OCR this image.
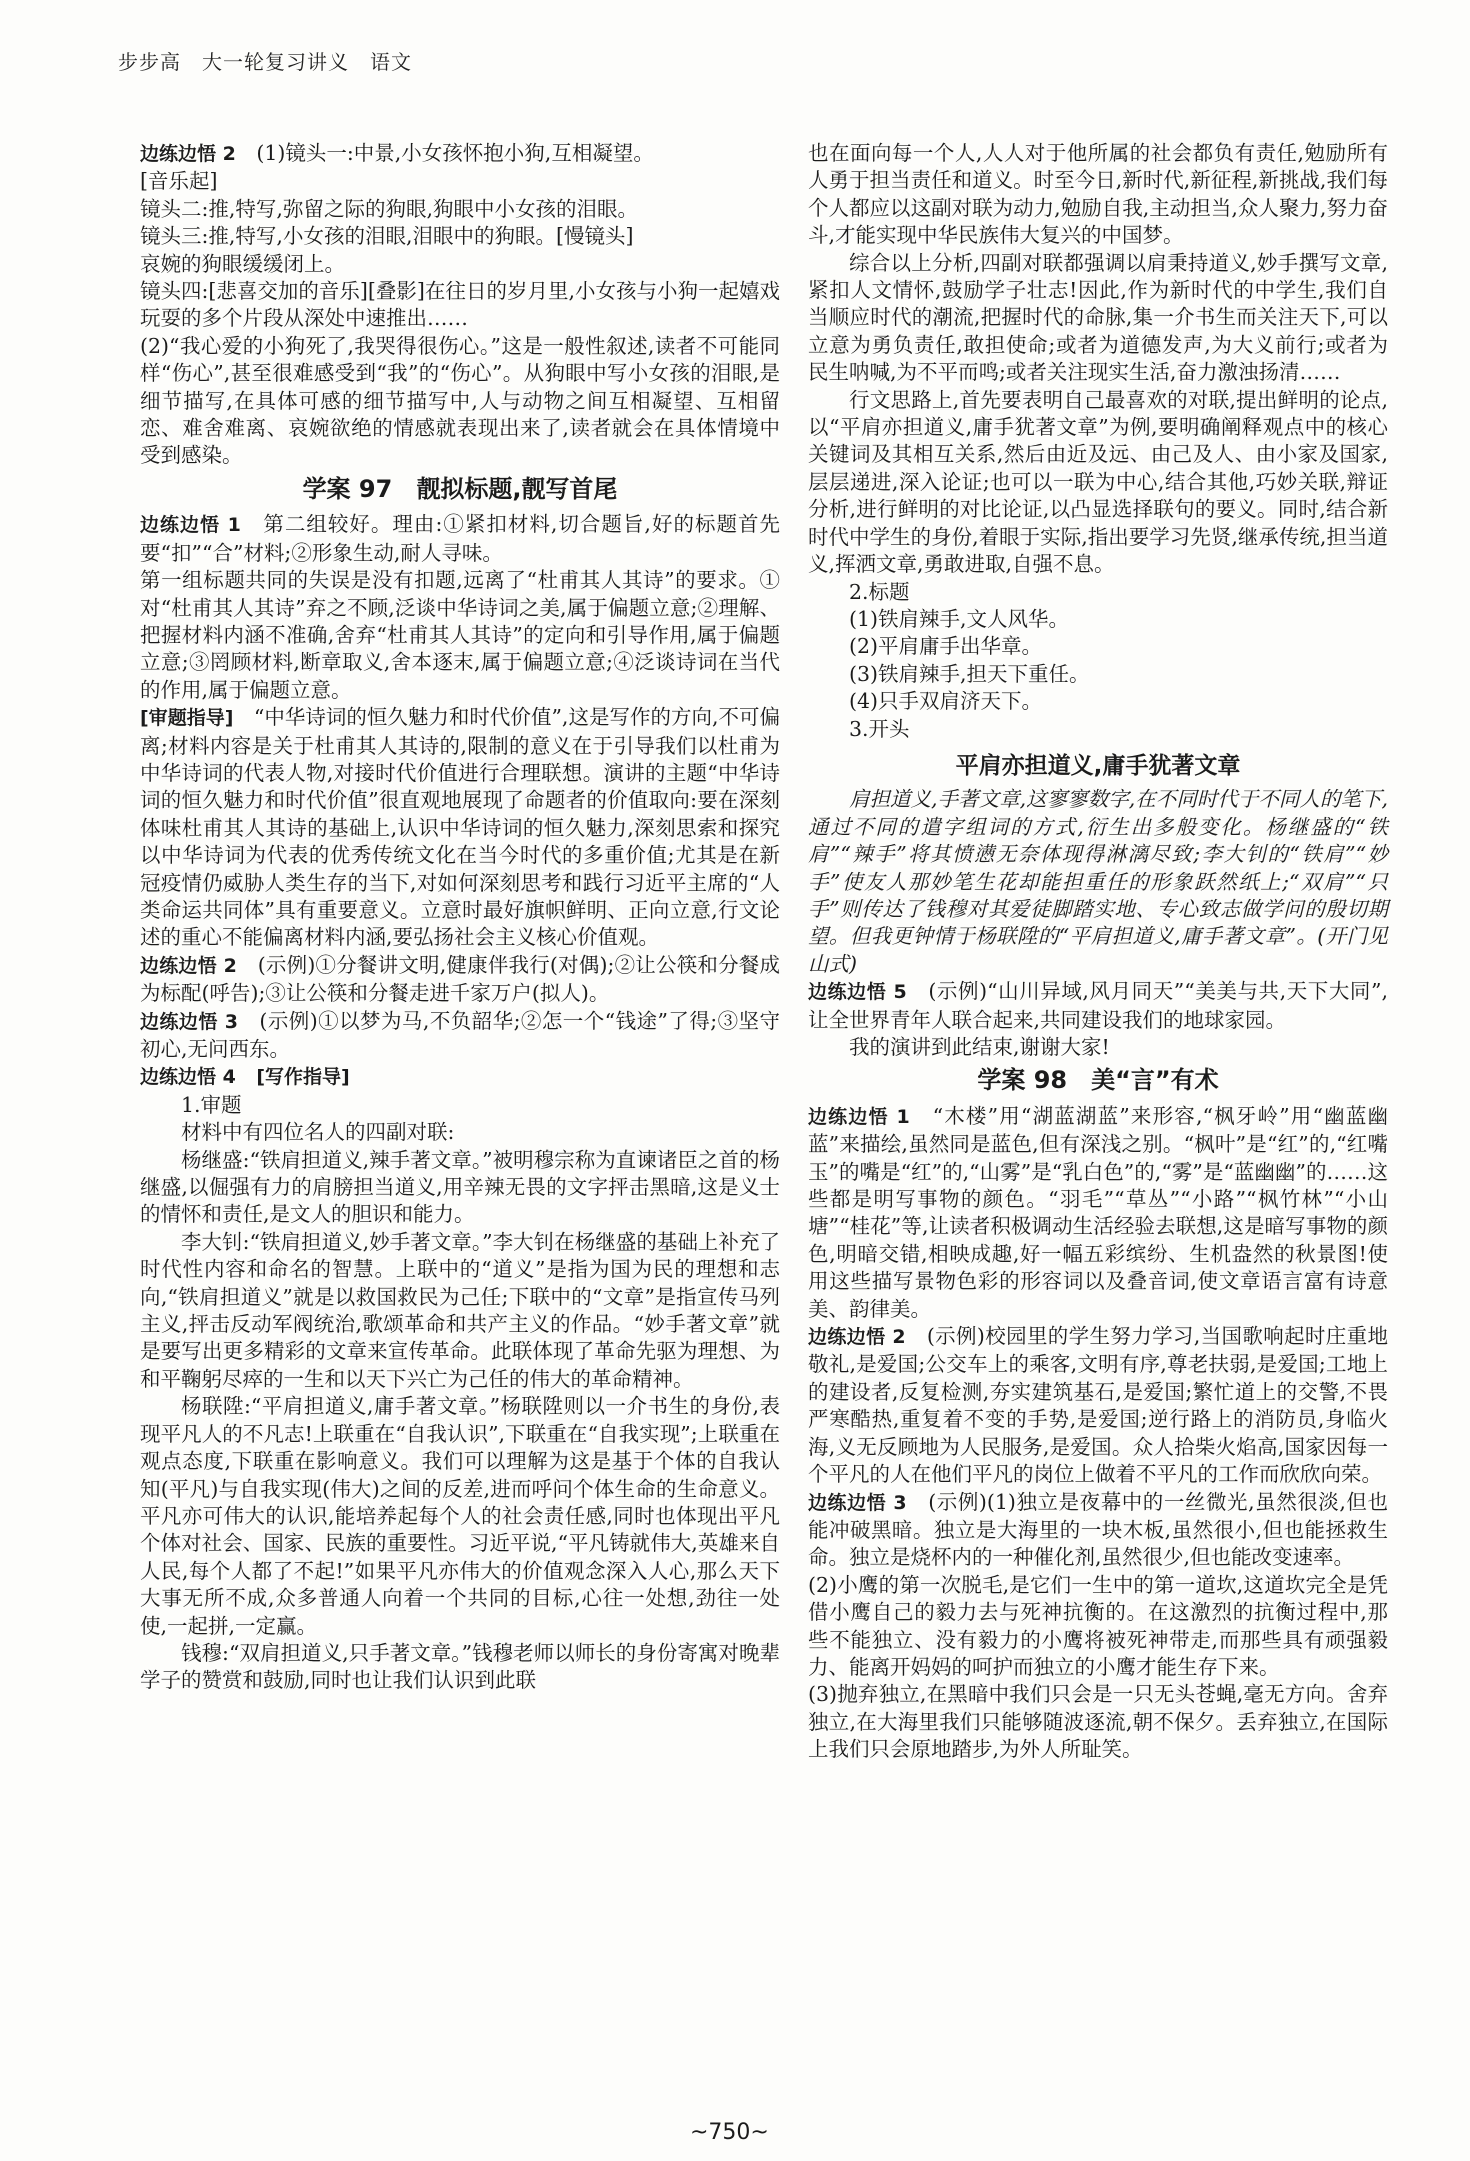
步步高　大一轮复习讲义　语文

边练边悟 2　 (1)镜头一:中景,小女孩怀抱小狗,互相凝望。

[音乐起]

镜头二:推,特写,弥留之际的狗眼,狗眼中小女孩的泪眼。

镜头三:推,特写,小女孩的泪眼,泪眼中的狗眼。[慢镜头]

哀婉的狗眼缓缓闭上。

镜头四:[悲喜交加的音乐][叠影]在往日的岁月里,小女孩与小狗一起嬉戏玩耍的多个片段从深处中速推出……

(2)“我心爱的小狗死了,我哭得很伤心。”这是一般性叙述,读者不可能同样“伤心”,甚至很难感受到“我”的“伤心”。从狗眼中写小女孩的泪眼,是细节描写,在具体可感的细节描写中,人与动物之间互相凝望、互相留恋、难舍难离、哀婉欲绝的情感就表现出来了,读者就会在具体情境中受到感染。

学案 97　靓拟标题,靓写首尾

边练边悟 1　 第二组较好。理由:①紧扣材料,切合题旨,好的标题首先要“扣”“合”材料;②形象生动,耐人寻味。

第一组标题共同的失误是没有扣题,远离了“杜甫其人其诗”的要求。①对“杜甫其人其诗”弃之不顾,泛谈中华诗词之美,属于偏题立意;②理解、把握材料内涵不准确,舍弃“杜甫其人其诗”的定向和引导作用,属于偏题立意;③罔顾材料,断章取义,舍本逐末,属于偏题立意;④泛谈诗词在当代的作用,属于偏题立意。

[审题指导]　 “中华诗词的恒久魅力和时代价值”,这是写作的方向,不可偏离;材料内容是关于杜甫其人其诗的,限制的意义在于引导我们以杜甫为中华诗词的代表人物,对接时代价值进行合理联想。演讲的主题“中华诗词的恒久魅力和时代价值”很直观地展现了命题者的价值取向:要在深刻体味杜甫其人其诗的基础上,认识中华诗词的恒久魅力,深刻思索和探究以中华诗词为代表的优秀传统文化在当今时代的多重价值;尤其是在新冠疫情仍威胁人类生存的当下,对如何深刻思考和践行习近平主席的“人类命运共同体”具有重要意义。立意时最好旗帜鲜明、正向立意,行文论述的重心不能偏离材料内涵,要弘扬社会主义核心价值观。

边练边悟 2　 (示例)①分餐讲文明,健康伴我行(对偶);②让公筷和分餐成为标配(呼告);③让公筷和分餐走进千家万户(拟人)。

边练边悟 3　 (示例)①以梦为马,不负韶华;②怎一个“钱途”了得;③坚守初心,无问西东。

边练边悟 4　 [写作指导]

1.审题

材料中有四位名人的四副对联:

杨继盛:“铁肩担道义,辣手著文章。”被明穆宗称为直谏诸臣之首的杨继盛,以倔强有力的肩膀担当道义,用辛辣无畏的文字抨击黑暗,这是义士的情怀和责任,是文人的胆识和能力。

李大钊:“铁肩担道义,妙手著文章。”李大钊在杨继盛的基础上补充了时代性内容和命名的智慧。上联中的“道义”是指为国为民的理想和志向,“铁肩担道义”就是以救国救民为己任;下联中的“文章”是指宣传马列主义,抨击反动军阀统治,歌颂革命和共产主义的作品。“妙手著文章”就是要写出更多精彩的文章来宣传革命。此联体现了革命先驱为理想、为和平鞠躬尽瘁的一生和以天下兴亡为己任的伟大的革命精神。

杨联陞:“平肩担道义,庸手著文章。”杨联陞则以一介书生的身份,表现平凡人的不凡志!上联重在“自我认识”,下联重在“自我实现”;上联重在观点态度,下联重在影响意义。我们可以理解为这是基于个体的自我认知(平凡)与自我实现(伟大)之间的反差,进而呼问个体生命的生命意义。平凡亦可伟大的认识,能培养起每个人的社会责任感,同时也体现出平凡个体对社会、国家、民族的重要性。习近平说,“平凡铸就伟大,英雄来自人民,每个人都了不起!”如果平凡亦伟大的价值观念深入人心,那么天下大事无所不成,众多普通人向着一个共同的目标,心往一处想,劲往一处使,一起拼,一定赢。

钱穆:“双肩担道义,只手著文章。”钱穆老师以师长的身份寄寓对晚辈学子的赞赏和鼓励,同时也让我们认识到此联

也在面向每一个人,人人对于他所属的社会都负有责任,勉励所有人勇于担当责任和道义。时至今日,新时代,新征程,新挑战,我们每个人都应以这副对联为动力,勉励自我,主动担当,众人聚力,努力奋斗,才能实现中华民族伟大复兴的中国梦。

综合以上分析,四副对联都强调以肩秉持道义,妙手撰写文章,紧扣人文情怀,鼓励学子壮志!因此,作为新时代的中学生,我们自当顺应时代的潮流,把握时代的命脉,集一介书生而关注天下,可以立意为勇负责任,敢担使命;或者为道德发声,为大义前行;或者为民生呐喊,为不平而鸣;或者关注现实生活,奋力激浊扬清……

行文思路上,首先要表明自己最喜欢的对联,提出鲜明的论点,以“平肩亦担道义,庸手犹著文章”为例,要明确阐释观点中的核心关键词及其相互关系,然后由近及远、由己及人、由小家及国家,层层递进,深入论证;也可以一联为中心,结合其他,巧妙关联,辩证分析,进行鲜明的对比论证,以凸显选择联句的要义。同时,结合新时代中学生的身份,着眼于实际,指出要学习先贤,继承传统,担当道义,挥洒文章,勇敢进取,自强不息。

2.标题

(1)铁肩辣手,文人风华。

(2)平肩庸手出华章。

(3)铁肩辣手,担天下重任。

(4)只手双肩济天下。

3.开头

平肩亦担道义,庸手犹著文章

肩担道义,手著文章,这寥寥数字,在不同时代于不同人的笔下,通过不同的遣字组词的方式,衍生出多般变化。杨继盛的“铁肩”“辣手”将其愤懑无奈体现得淋漓尽致;李大钊的“铁肩”“妙手”使友人那妙笔生花却能担重任的形象跃然纸上;“双肩”“只手”则传达了钱穆对其爱徒脚踏实地、专心致志做学问的殷切期望。但我更钟情于杨联陞的“平肩担道义,庸手著文章”。(开门见山式)

边练边悟 5　 (示例)“山川异域,风月同天”“美美与共,天下大同”,让全世界青年人联合起来,共同建设我们的地球家园。

我的演讲到此结束,谢谢大家!

学案 98　美“言”有术

边练边悟 1　 “木楼”用“湖蓝湖蓝”来形容,“枫牙岭”用“幽蓝幽蓝”来描绘,虽然同是蓝色,但有深浅之别。“枫叶”是“红”的,“红嘴玉”的嘴是“红”的,“山雾”是“乳白色”的,“雾”是“蓝幽幽”的……这些都是明写事物的颜色。“羽毛”“草丛”“小路”“枫竹林”“小山塘”“桂花”等,让读者积极调动生活经验去联想,这是暗写事物的颜色,明暗交错,相映成趣,好一幅五彩缤纷、生机盎然的秋景图!使用这些描写景物色彩的形容词以及叠音词,使文章语言富有诗意美、韵律美。

边练边悟 2　 (示例)校园里的学生努力学习,当国歌响起时庄重地敬礼,是爱国;公交车上的乘客,文明有序,尊老扶弱,是爱国;工地上的建设者,反复检测,夯实建筑基石,是爱国;繁忙道上的交警,不畏严寒酷热,重复着不变的手势,是爱国;逆行路上的消防员,身临火海,义无反顾地为人民服务,是爱国。众人拾柴火焰高,国家因每一个平凡的人在他们平凡的岗位上做着不平凡的工作而欣欣向荣。

边练边悟 3　 (示例)(1)独立是夜幕中的一丝微光,虽然很淡,但也能冲破黑暗。独立是大海里的一块木板,虽然很小,但也能拯救生命。独立是烧杯内的一种催化剂,虽然很少,但也能改变速率。

(2)小鹰的第一次脱毛,是它们一生中的第一道坎,这道坎完全是凭借小鹰自己的毅力去与死神抗衡的。在这激烈的抗衡过程中,那些不能独立、没有毅力的小鹰将被死神带走,而那些具有顽强毅力、能离开妈妈的呵护而独立的小鹰才能生存下来。

(3)抛弃独立,在黑暗中我们只会是一只无头苍蝇,毫无方向。舍弃独立,在大海里我们只能够随波逐流,朝不保夕。丢弃独立,在国际上我们只会原地踏步,为外人所耻笑。

~750~
